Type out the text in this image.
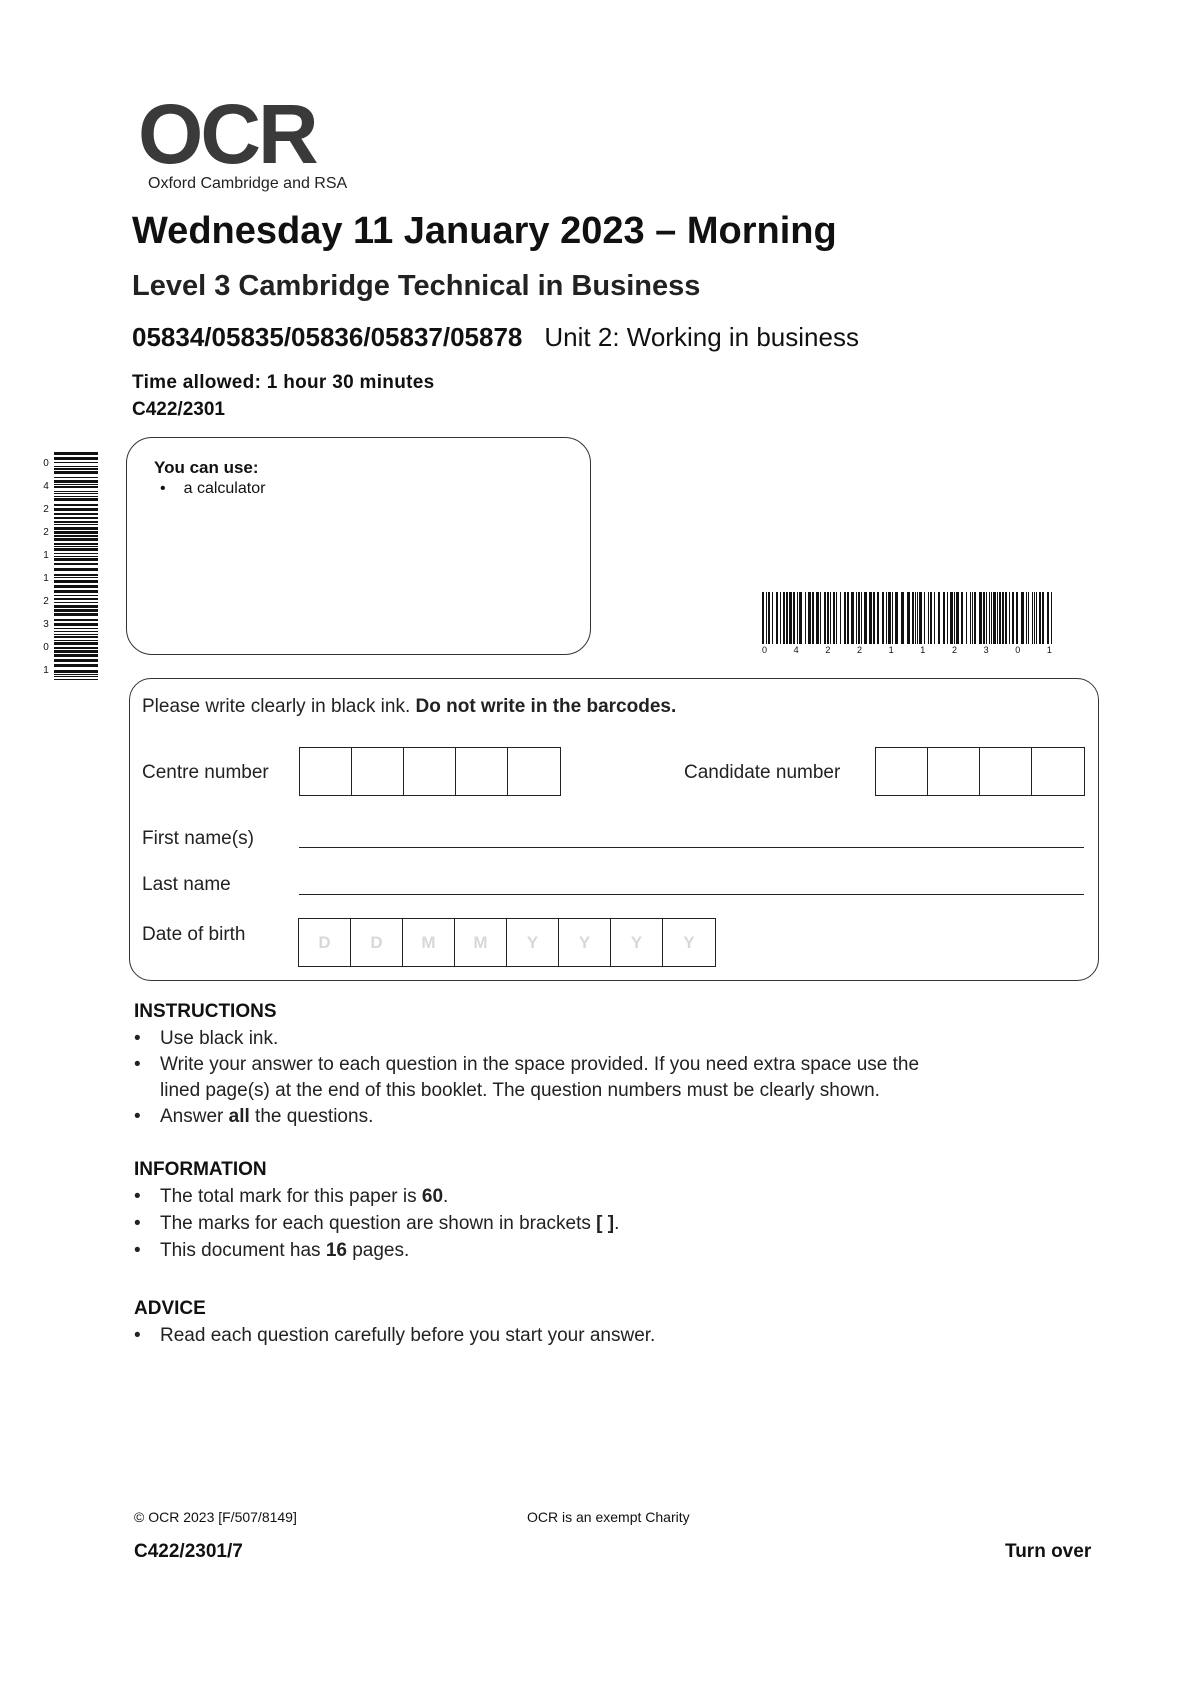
OCR
Oxford Cambridge and RSA
Wednesday 11 January 2023 – Morning
Level 3 Cambridge Technical in Business
05834/05835/05836/05837/05878 Unit 2: Working in business
Time allowed: 1 hour 30 minutes
C422/2301
You can use:
• a calculator
0
4
2
2
1
1
2
3
0
1
0	4	2	2	1	1	2	3	0	1
Please write clearly in black ink. Do not write in the barcodes.
Centre number	Candidate number
First name(s)
Last name
Date of birth	D	D	M	M	Y	Y	Y	Y
INSTRUCTIONS
• Use black ink.
• Write your answer to each question in the space provided. If you need extra space use the
lined page(s) at the end of this booklet. The question numbers must be clearly shown.
• Answer all the questions.
INFORMATION
• The total mark for this paper is 60.
• The marks for each question are shown in brackets [ ].
• This document has 16 pages.
ADVICE
• Read each question carefully before you start your answer.
© OCR 2023 [F/507/8149]	OCR is an exempt Charity
C422/2301/7	Turn over
